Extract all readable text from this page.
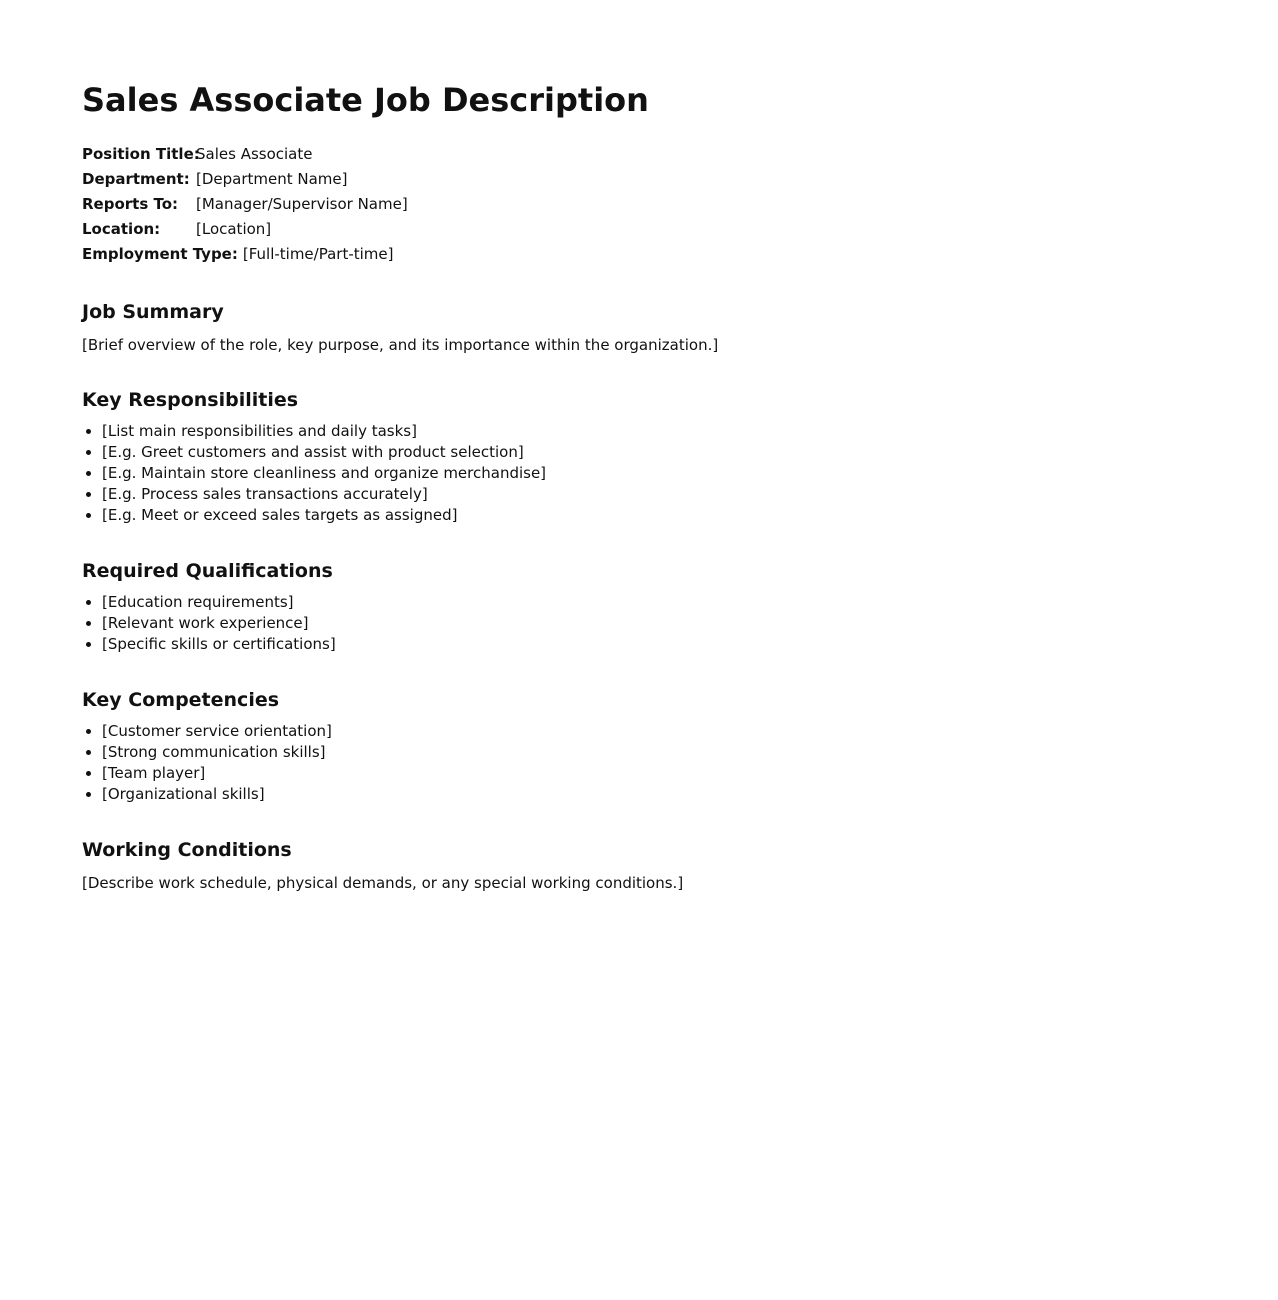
Sales Associate Job Description
Position Title:
Sales Associate
Department: [Department Name]
Reports To:	[Manager/Supervisor Name]
Location:	[Location]
Employment Type: [Full-time/Part-time]
Job Summary

[Brief overview of the role, key purpose, and its importance within the organization.]

Key Responsibilities
• [List main responsibilities and daily tasks]
• [E.g. Greet customers and assist with product selection]
• [E.g. Maintain store cleanliness and organize merchandise]
• [E.g. Process sales transactions accurately]
• [E.g. Meet or exceed sales targets as assigned]
Required Qualifications
• [Education requirements]
• [Relevant work experience]
• [Specific skills or certifications]
Key Competencies
• [Customer service orientation]
• [Strong communication skills]
• [Team player]
• [Organizational skills]
Working Conditions

[Describe work schedule, physical demands, or any special working conditions.]
